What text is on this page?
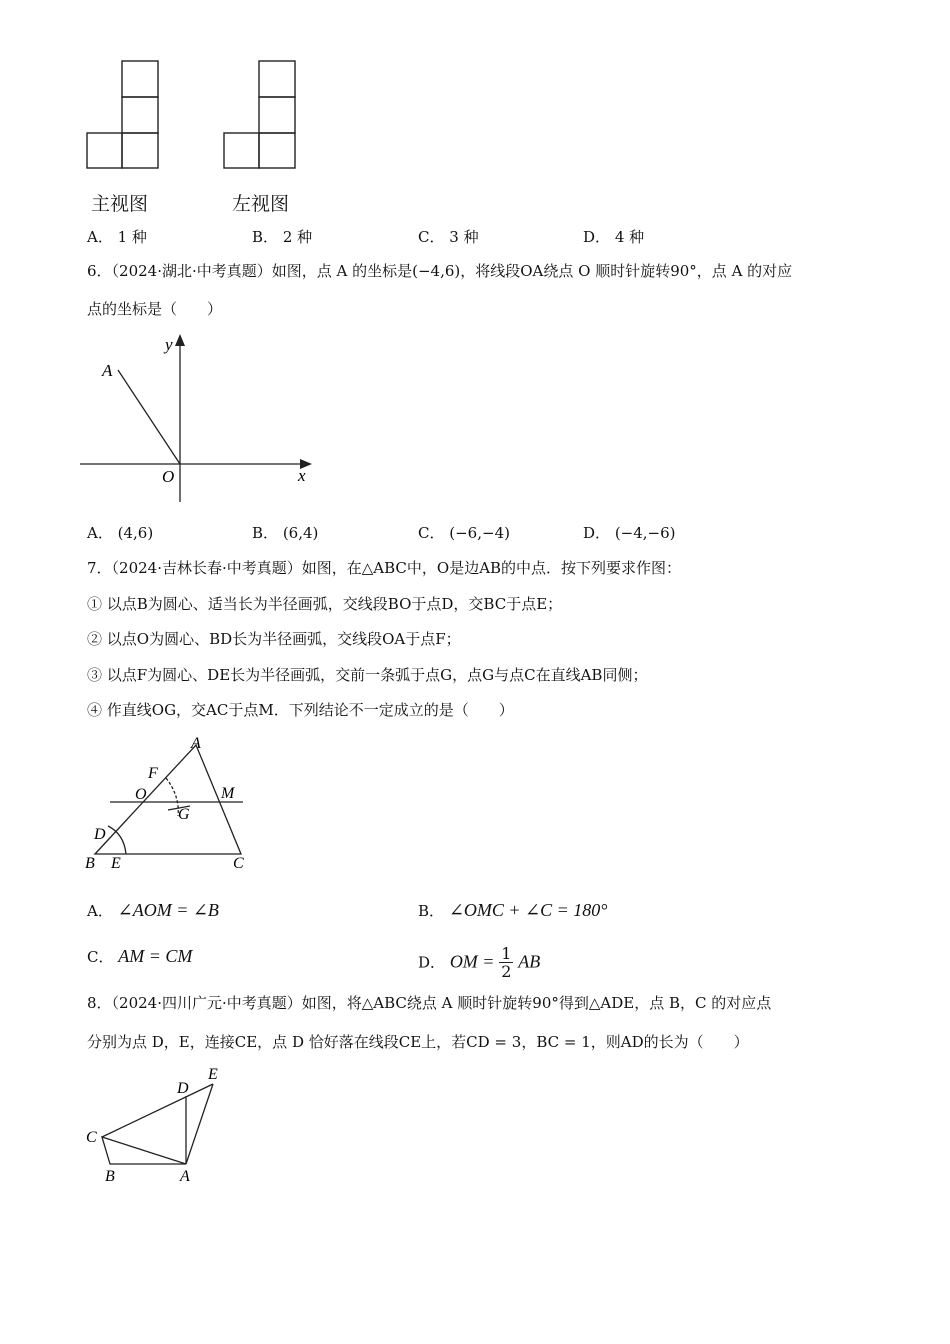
主视图	左视图
A． 1 种	B． 2 种	C． 3 种	D． 4 种
6．（2024·湖北·中考真题）如图，点 A 的坐标是(−4,6)，将线段OA绕点 O 顺时针旋转90°，点 A 的对应
点的坐标是（　　）
y
A
O	x
A． (4,6)	B． (6,4)	C． (−6,−4)	D． (−4,−6)
7．（2024·吉林长春·中考真题）如图，在△ABC中，O是边AB的中点．按下列要求作图：
① 以点B为圆心、适当长为半径画弧，交线段BO于点D，交BC于点E；
② 以点O为圆心、BD长为半径画弧，交线段OA于点F；
③ 以点F为圆心、DE长为半径画弧，交前一条弧于点G，点G与点C在直线AB同侧；
④ 作直线OG，交AC于点M．下列结论不一定成立的是（　　）
A
F
O	M
G
D
B E	C
A． ∠AOM = ∠B	B． ∠OMC + ∠C = 180°
C． AM = CM	D． OM = $\frac{1}{2}$ AB
8．（2024·四川广元·中考真题）如图，将△ABC绕点 A 顺时针旋转90°得到△ADE，点 B，C 的对应点
分别为点 D，E，连接CE，点 D 恰好落在线段CE上，若CD = 3，BC = 1，则AD的长为（　　）
E
D
C
B	A
